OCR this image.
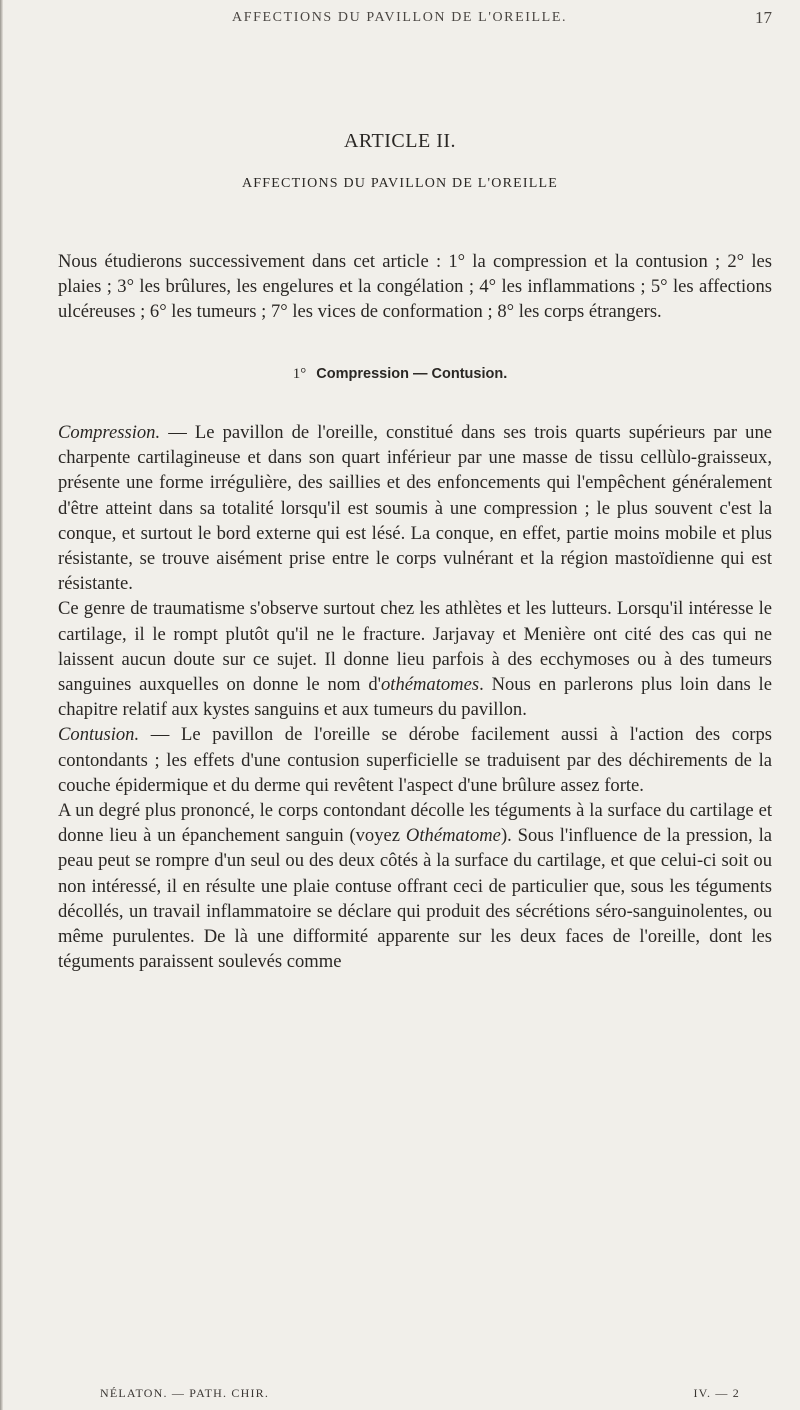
AFFECTIONS DU PAVILLON DE L'OREILLE.	17
ARTICLE II.
AFFECTIONS DU PAVILLON DE L'OREILLE
Nous étudierons successivement dans cet article : 1° la compression et la contusion ; 2° les plaies ; 3° les brûlures, les engelures et la congélation ; 4° les inflammations ; 5° les affections ulcéreuses ; 6° les tumeurs ; 7° les vices de conformation ; 8° les corps étrangers.
1° Compression — Contusion.

Compression. — Le pavillon de l'oreille, constitué dans ses trois quarts supérieurs par une charpente cartilagineuse et dans son quart inférieur par une masse de tissu cellùlo-graisseux, présente une forme irrégulière, des saillies et des enfoncements qui l'empêchent généralement d'être atteint dans sa totalité lorsqu'il est soumis à une compression ; le plus souvent c'est la conque, et surtout le bord externe qui est lésé. La conque, en effet, partie moins mobile et plus résistante, se trouve aisément prise entre le corps vulnérant et la région mastoïdienne qui est résistante.

Ce genre de traumatisme s'observe surtout chez les athlètes et les lutteurs. Lorsqu'il intéresse le cartilage, il le rompt plutôt qu'il ne le fracture. Jarjavay et Menière ont cité des cas qui ne laissent aucun doute sur ce sujet. Il donne lieu parfois à des ecchymoses ou à des tumeurs sanguines auxquelles on donne le nom d'othématomes. Nous en parlerons plus loin dans le chapitre relatif aux kystes sanguins et aux tumeurs du pavillon.

Contusion. — Le pavillon de l'oreille se dérobe facilement aussi à l'action des corps contondants ; les effets d'une contusion superficielle se traduisent par des déchirements de la couche épidermique et du derme qui revêtent l'aspect d'une brûlure assez forte.

A un degré plus prononcé, le corps contondant décolle les téguments à la surface du cartilage et donne lieu à un épanchement sanguin (voyez Othématome). Sous l'influence de la pression, la peau peut se rompre d'un seul ou des deux côtés à la surface du cartilage, et que celui-ci soit ou non intéressé, il en résulte une plaie contuse offrant ceci de particulier que, sous les téguments décollés, un travail inflammatoire se déclare qui produit des sécrétions séro-sanguinolentes, ou même purulentes. De là une difformité apparente sur les deux faces de l'oreille, dont les téguments paraissent soulevés comme

NÉLATON. — PATH. CHIR.	IV. — 2
